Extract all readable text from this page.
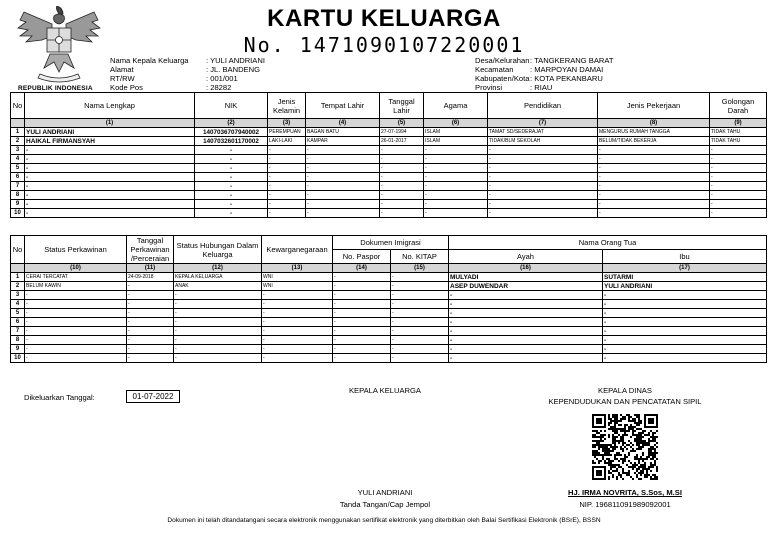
REPUBLIK INDONESIA
KARTU KELUARGA
No. 1471090107220001
Nama Kepala Keluarga	: YULI ANDRIANI
Alamat	: JL. BANDENG
RT/RW	: 001/001
Kode Pos	: 28282
Desa/Kelurahan : TANGKERANG BARAT
Kecamatan	: MARPOYAN DAMAI
Kabupaten/Kota : KOTA PEKANBARU
Provinsi	: RIAU
No	Nama Lengkap	NIK	Jenis Kelamin	Tempat Lahir	Tanggal Lahir	Agama	Pendidikan	Jenis Pekerjaan	Golongan Darah
	(1)	(2)	(3)	(4)	(5)	(6)	(7)	(8)	(9)
1	YULI ANDRIANI	1407036707940002	PEREMPUAN	BAGAN BATU	27-07-1994	ISLAM	TAMAT SD/SEDERAJAT	MENGURUS RUMAH TANGGA	TIDAK TAHU
2	HAIKAL FIRMANSYAH	1407032601170002	LAKI-LAKI	KAMPAR	26-01-2017	ISLAM	TIDAK/BLM SEKOLAH	BELUM/TIDAK BEKERJA	TIDAK TAHU
3	-	-	-	-	-	-	-	-	-
4	-	-	-	-	-	-	-	-	-
5	-	-	-	-	-	-	-	-	-
6	-	-	-	-	-	-	-	-	-
7	-	-	-	-	-	-	-	-	-
8	-	-	-	-	-	-	-	-	-
9	-	-	-	-	-	-	-	-	-
10	-	-	-	-	-	-	-	-	-
No	Status Perkawinan	Tanggal Perkawinan /Perceraian	Status Hubungan Dalam Keluarga	Kewarganegaraan	Dokumen Imigrasi		Nama Orang Tua	
					No. Paspor	No. KITAP	Ayah	Ibu
	(10)	(11)	(12)	(13)	(14)	(15)	(16)	(17)
1	CERAI TERCATAT	24-09-2018	KEPALA KELUARGA	WNI	-	-	MULYADI	SUTARMI
2	BELUM KAWIN	-	ANAK	WNI	-	-	ASEP DUWENDAR	YULI ANDRIANI
3	-	-	-	-	-	-	-	-
4	-	-	-	-	-	-	-	-
5	-	-	-	-	-	-	-	-
6	-	-	-	-	-	-	-	-
7	-	-	-	-	-	-	-	-
8	-	-	-	-	-	-	-	-
9	-	-	-	-	-	-	-	-
10	-	-	-	-	-	-	-	-
Dikeluarkan Tanggal:	01-07-2022
KEPALA KELUARGA
YULI ANDRIANI
Tanda Tangan/Cap Jempol
KEPALA DINAS
KEPENDUDUKAN DAN PENCATATAN SIPIL
HJ. IRMA NOVRITA, S.Sos, M.SI
NIP. 196811091989092001
Dokumen ini telah ditandatangani secara elektronik menggunakan sertifikat elektronik yang diterbitkan oleh Balai Sertifikasi Elektronik (BSrE), BSSN
